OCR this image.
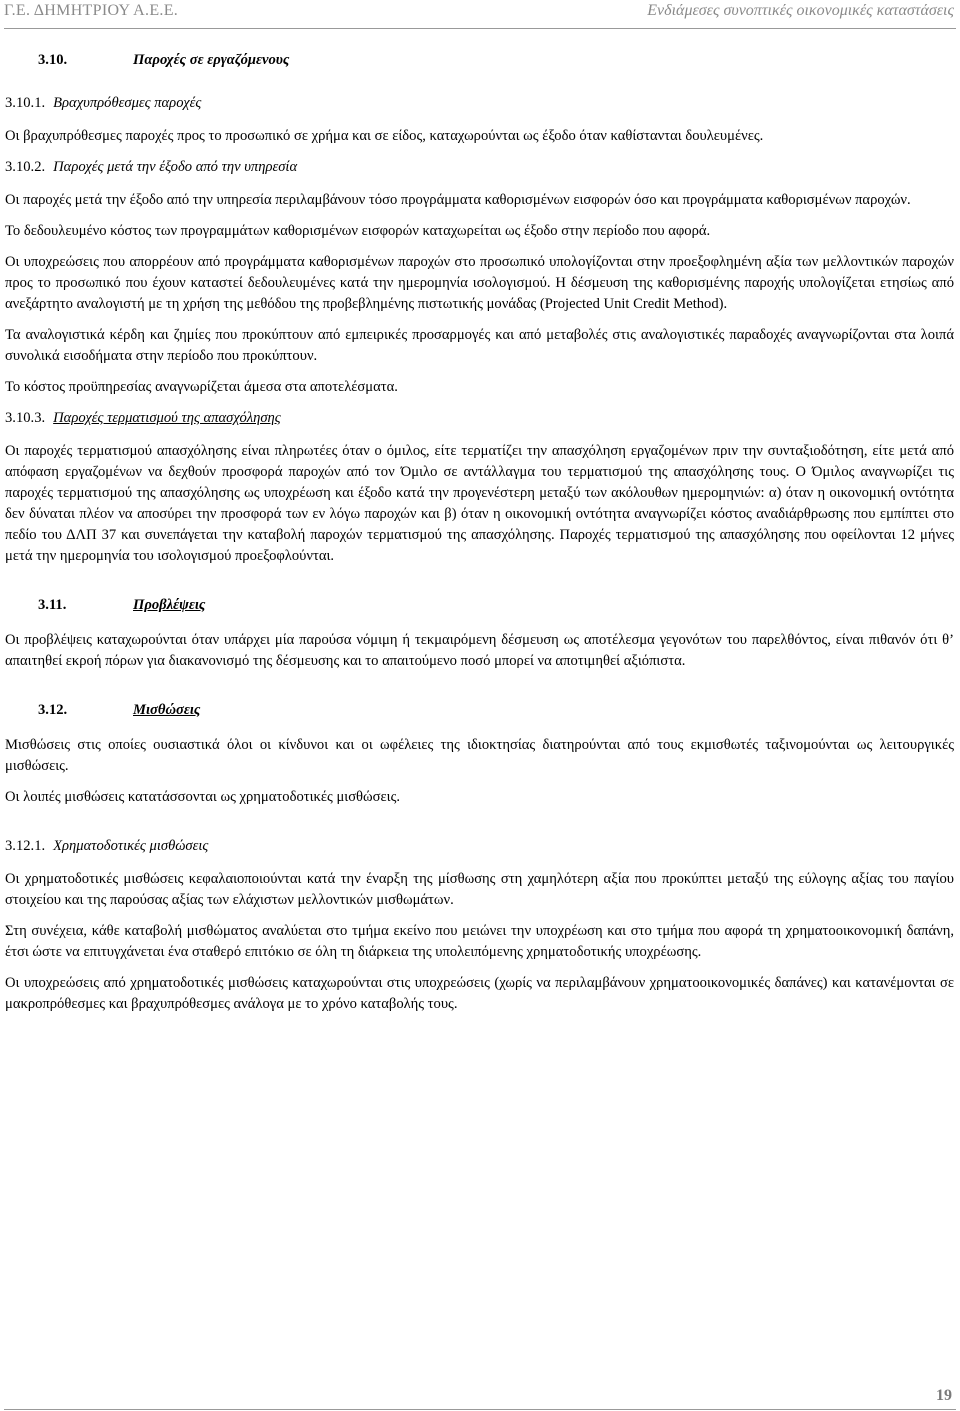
Γ.Ε. ΔΗΜΗΤΡΙΟΥ Α.Ε.Ε.	Ενδιάμεσες συνοπτικές οικονομικές καταστάσεις
3.10.	Παροχές σε εργαζόμενους
3.10.1. Βραχυπρόθεσμες παροχές

Οι βραχυπρόθεσμες παροχές προς το προσωπικό σε χρήμα και σε είδος, καταχωρούνται ως έξοδο όταν καθίστανται δουλευμένες.

3.10.2. Παροχές μετά την έξοδο από την υπηρεσία

Οι παροχές μετά την έξοδο από την υπηρεσία περιλαμβάνουν τόσο προγράμματα καθορισμένων εισφορών όσο και προγράμματα καθορισμένων παροχών.

Το δεδουλευμένο κόστος των προγραμμάτων καθορισμένων εισφορών καταχωρείται ως έξοδο στην περίοδο που αφορά.

Οι υποχρεώσεις που απορρέουν από προγράμματα καθορισμένων παροχών στο προσωπικό υπολογίζονται στην προεξοφλημένη αξία των μελλοντικών παροχών προς το προσωπικό που έχουν καταστεί δεδουλευμένες κατά την ημερομηνία ισολογισμού. Η δέσμευση της καθορισμένης παροχής υπολογίζεται ετησίως από ανεξάρτητο αναλογιστή με τη χρήση της μεθόδου της προβεβλημένης πιστωτικής μονάδας (Projected Unit Credit Method).

Τα αναλογιστικά κέρδη και ζημίες που προκύπτουν από εμπειρικές προσαρμογές και από μεταβολές στις αναλογιστικές παραδοχές αναγνωρίζονται στα λοιπά συνολικά εισοδήματα στην περίοδο που προκύπτουν.

Το κόστος προϋπηρεσίας αναγνωρίζεται άμεσα στα αποτελέσματα.

3.10.3. Παροχές τερματισμού της απασχόλησης

Οι παροχές τερματισμού απασχόλησης είναι πληρωτέες όταν ο όμιλος, είτε τερματίζει την απασχόληση εργαζομένων πριν την συνταξιοδότηση, είτε μετά από απόφαση εργαζομένων να δεχθούν προσφορά παροχών από τον Όμιλο σε αντάλλαγμα του τερματισμού της απασχόλησης τους. Ο Όμιλος αναγνωρίζει τις παροχές τερματισμού της απασχόλησης ως υποχρέωση και έξοδο κατά την προγενέστερη μεταξύ των ακόλουθων ημερομηνιών: α) όταν η οικονομική οντότητα δεν δύναται πλέον να αποσύρει την προσφορά των εν λόγω παροχών και β) όταν η οικονομική οντότητα αναγνωρίζει κόστος αναδιάρθρωσης που εμπίπτει στο πεδίο του ΔΛΠ 37 και συνεπάγεται την καταβολή παροχών τερματισμού της απασχόλησης. Παροχές τερματισμού της απασχόλησης που οφείλονται 12 μήνες μετά την ημερομηνία του ισολογισμού προεξοφλούνται.

3.11.	Προβλέψεις

Οι προβλέψεις καταχωρούνται όταν υπάρχει μία παρούσα νόμιμη ή τεκμαιρόμενη δέσμευση ως αποτέλεσμα γεγονότων του παρελθόντος, είναι πιθανόν ότι θ’ απαιτηθεί εκροή πόρων για διακανονισμό της δέσμευσης και το απαιτούμενο ποσό μπορεί να αποτιμηθεί αξιόπιστα.

3.12.	Μισθώσεις

Μισθώσεις στις οποίες ουσιαστικά όλοι οι κίνδυνοι και οι ωφέλειες της ιδιοκτησίας διατηρούνται από τους εκμισθωτές ταξινομούνται ως λειτουργικές μισθώσεις.

Οι λοιπές μισθώσεις κατατάσσονται ως χρηματοδοτικές μισθώσεις.

3.12.1. Χρηματοδοτικές μισθώσεις

Οι χρηματοδοτικές μισθώσεις κεφαλαιοποιούνται κατά την έναρξη της μίσθωσης στη χαμηλότερη αξία που προκύπτει μεταξύ της εύλογης αξίας του παγίου στοιχείου και της παρούσας αξίας των ελάχιστων μελλοντικών μισθωμάτων.

Στη συνέχεια, κάθε καταβολή μισθώματος αναλύεται στο τμήμα εκείνο που μειώνει την υποχρέωση και στο τμήμα που αφορά τη χρηματοοικονομική δαπάνη, έτσι ώστε να επιτυγχάνεται ένα σταθερό επιτόκιο σε όλη τη διάρκεια της υπολειπόμενης χρηματοδοτικής υποχρέωσης.

Οι υποχρεώσεις από χρηματοδοτικές μισθώσεις καταχωρούνται στις υποχρεώσεις (χωρίς να περιλαμβάνουν χρηματοοικονομικές δαπάνες) και κατανέμονται σε μακροπρόθεσμες και βραχυπρόθεσμες ανάλογα με το χρόνο καταβολής τους.

19
